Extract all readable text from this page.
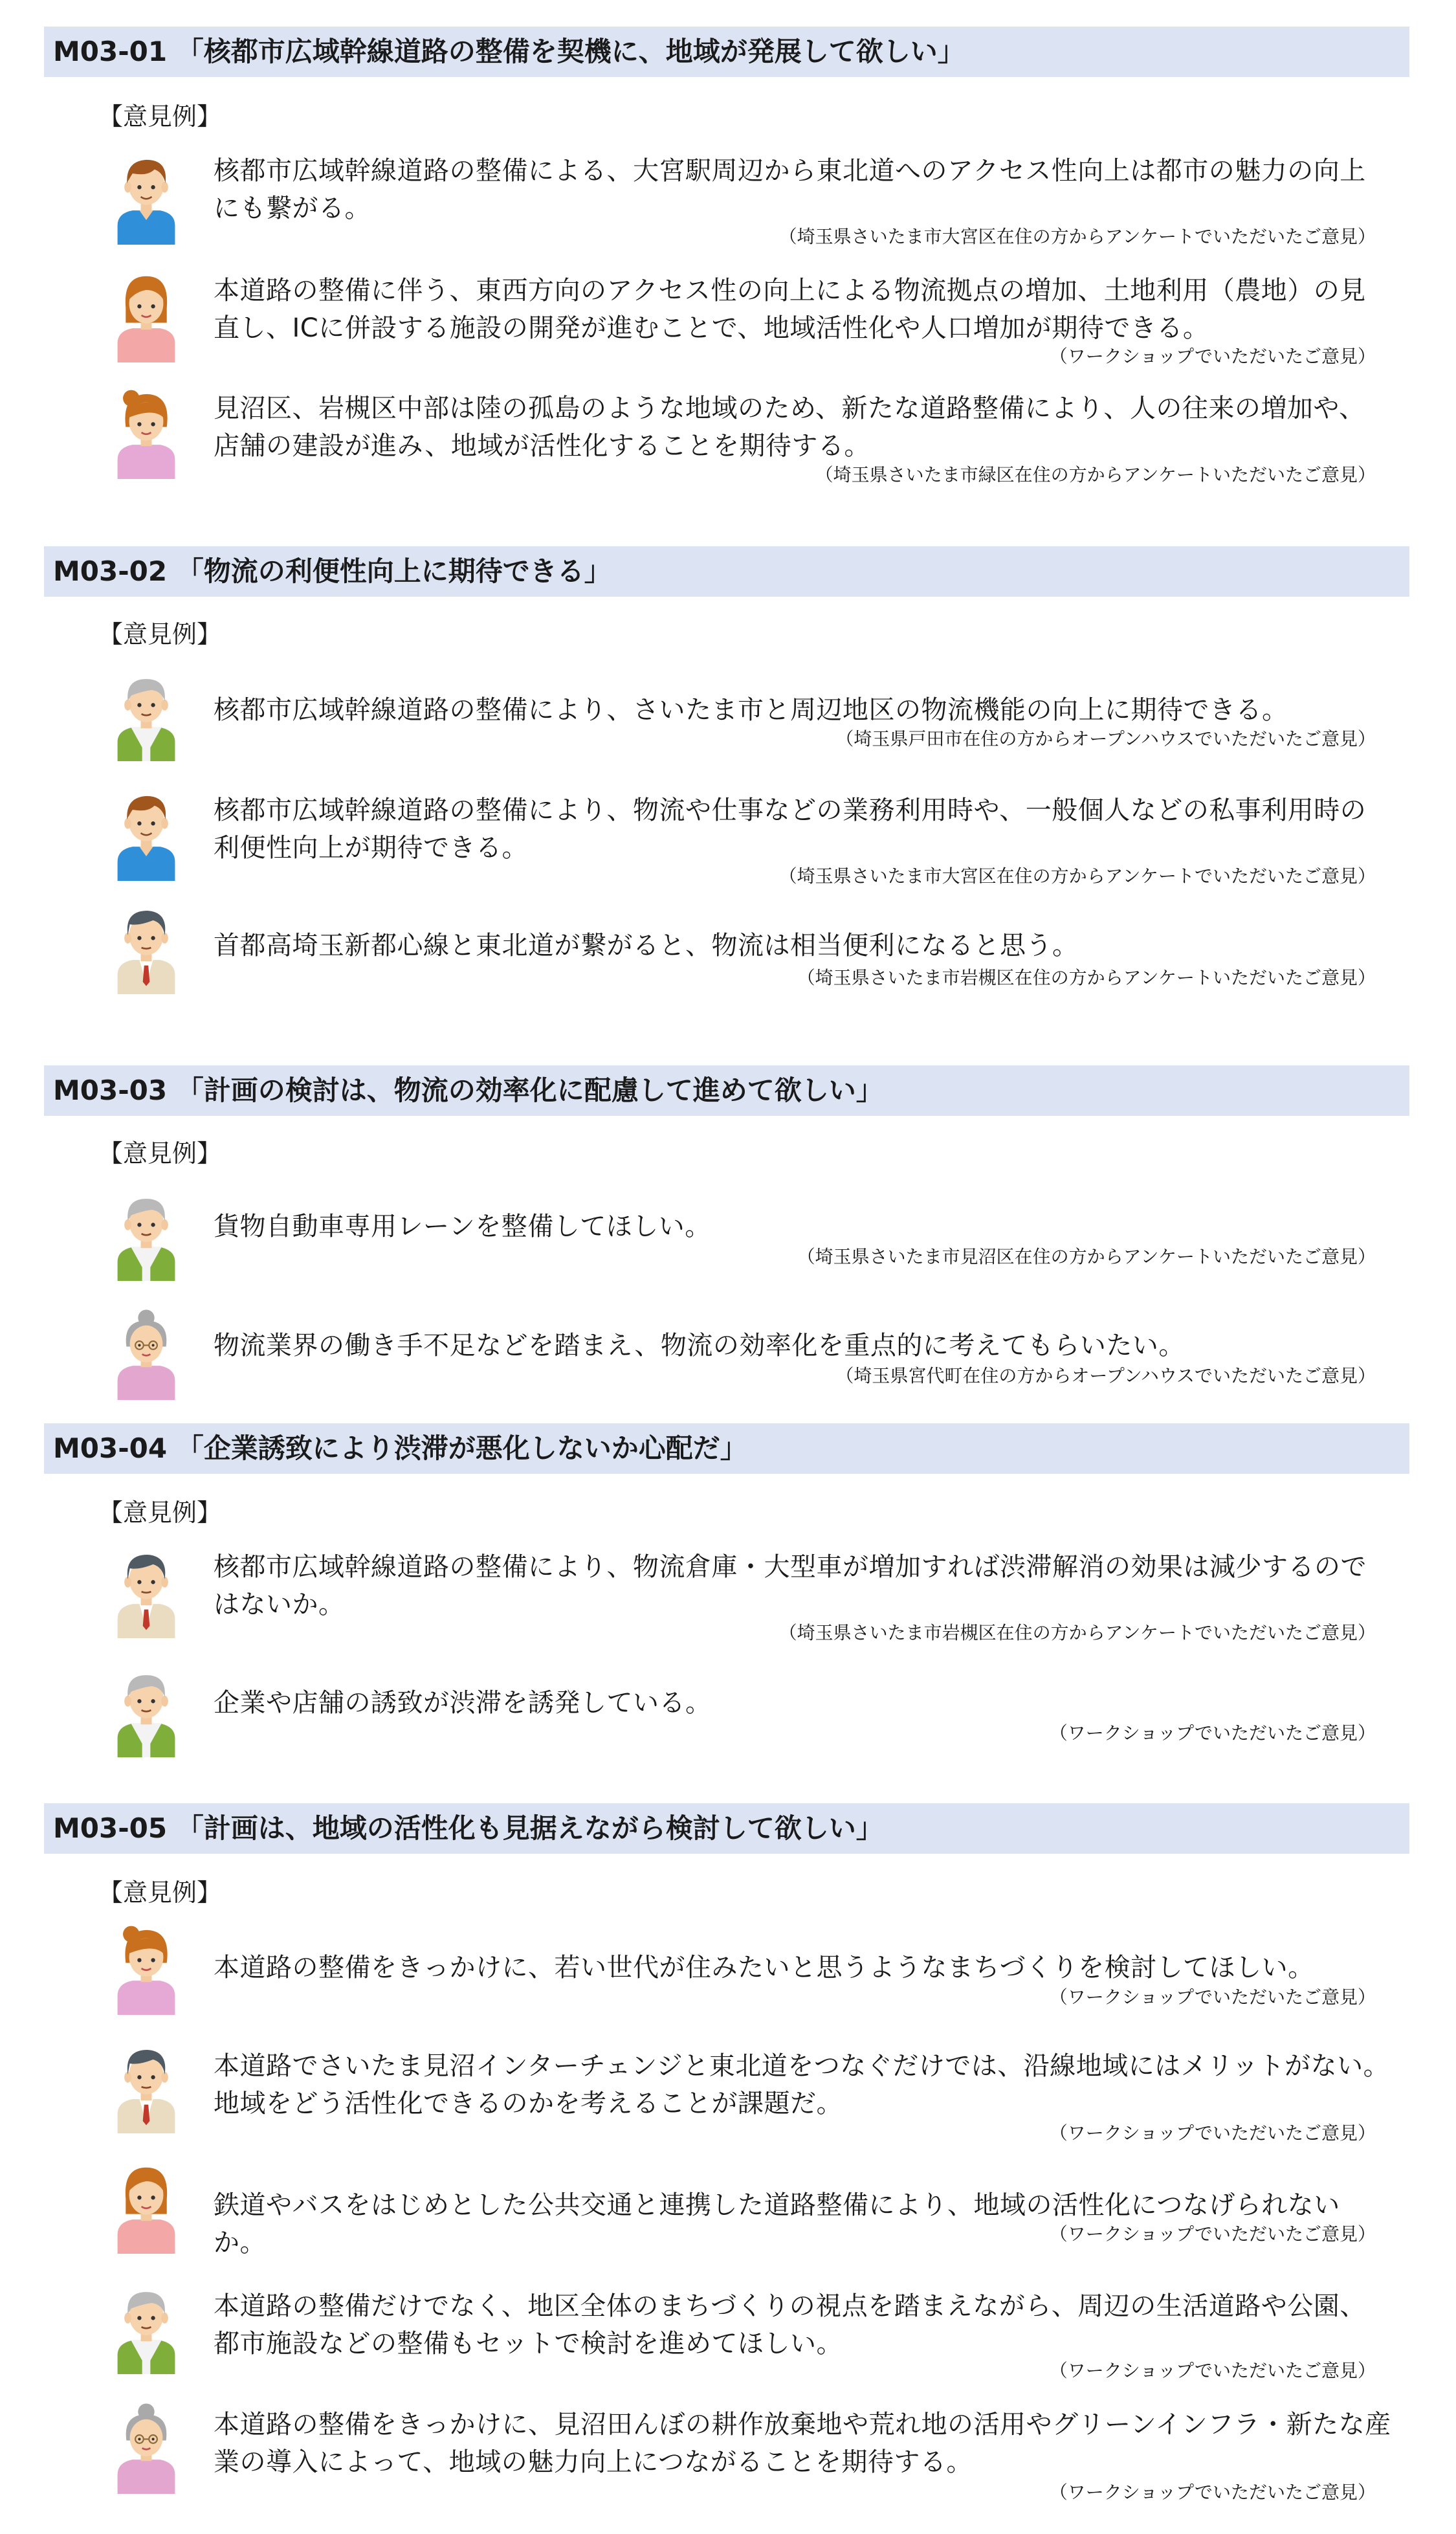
M03-01 「核都市広域幹線道路の整備を契機に、地域が発展して欲しい」
【意見例】
核都市広域幹線道路の整備による、大宮駅周辺から東北道へのアクセス性向上は都市の魅力の向上にも繋がる。
（埼玉県さいたま市大宮区在住の方からアンケートでいただいたご意見）
本道路の整備に伴う、東西方向のアクセス性の向上による物流拠点の増加、土地利用（農地）の見直し、ICに併設する施設の開発が進むことで、地域活性化や人口増加が期待できる。
（ワークショップでいただいたご意見）
見沼区、岩槻区中部は陸の孤島のような地域のため、新たな道路整備により、人の往来の増加や、店舗の建設が進み、地域が活性化することを期待する。
（埼玉県さいたま市緑区在住の方からアンケートいただいたご意見）
M03-02 「物流の利便性向上に期待できる」
【意見例】
核都市広域幹線道路の整備により、さいたま市と周辺地区の物流機能の向上に期待できる。
（埼玉県戸田市在住の方からオープンハウスでいただいたご意見）
核都市広域幹線道路の整備により、物流や仕事などの業務利用時や、一般個人などの私事利用時の利便性向上が期待できる。
（埼玉県さいたま市大宮区在住の方からアンケートでいただいたご意見）
首都高埼玉新都心線と東北道が繋がると、物流は相当便利になると思う。
（埼玉県さいたま市岩槻区在住の方からアンケートいただいたご意見）
M03-03 「計画の検討は、物流の効率化に配慮して進めて欲しい」
【意見例】
貨物自動車専用レーンを整備してほしい。
（埼玉県さいたま市見沼区在住の方からアンケートいただいたご意見）
物流業界の働き手不足などを踏まえ、物流の効率化を重点的に考えてもらいたい。
（埼玉県宮代町在住の方からオープンハウスでいただいたご意見）
M03-04 「企業誘致により渋滞が悪化しないか心配だ」
【意見例】
核都市広域幹線道路の整備により、物流倉庫・大型車が増加すれば渋滞解消の効果は減少するのではないか。
（埼玉県さいたま市岩槻区在住の方からアンケートでいただいたご意見）
企業や店舗の誘致が渋滞を誘発している。
（ワークショップでいただいたご意見）
M03-05 「計画は、地域の活性化も見据えながら検討して欲しい」
【意見例】
本道路の整備をきっかけに、若い世代が住みたいと思うようなまちづくりを検討してほしい。
（ワークショップでいただいたご意見）
本道路でさいたま見沼インターチェンジと東北道をつなぐだけでは、沿線地域にはメリットがない。地域をどう活性化できるのかを考えることが課題だ。
（ワークショップでいただいたご意見）
鉄道やバスをはじめとした公共交通と連携した道路整備により、地域の活性化につなげられないか。	（ワークショップでいただいたご意見）
本道路の整備だけでなく、地区全体のまちづくりの視点を踏まえながら、周辺の生活道路や公園、都市施設などの整備もセットで検討を進めてほしい。
（ワークショップでいただいたご意見）
本道路の整備をきっかけに、見沼田んぼの耕作放棄地や荒れ地の活用やグリーンインフラ・新たな産業の導入によって、地域の魅力向上につながることを期待する。
（ワークショップでいただいたご意見）
